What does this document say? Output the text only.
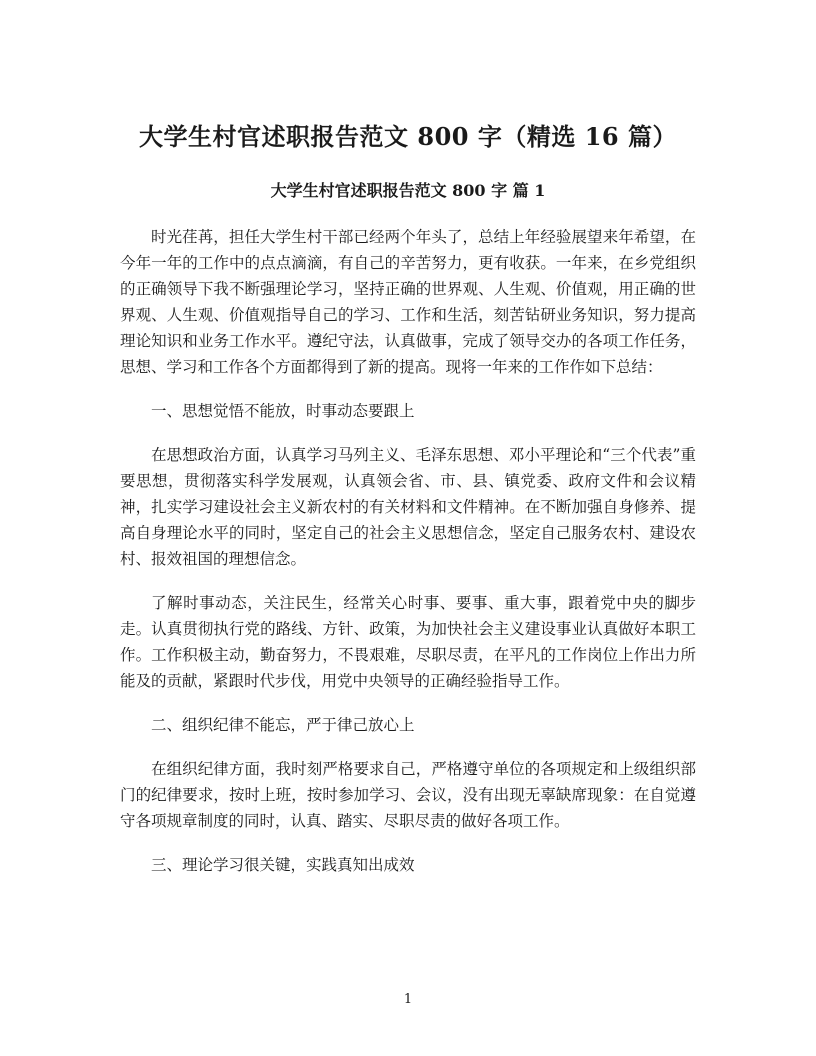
大学生村官述职报告范文 800 字（精选 16 篇）
大学生村官述职报告范文 800 字 篇 1

时光荏苒，担任大学生村干部已经两个年头了，总结上年经验展望来年希望，在今年一年的工作中的点点滴滴，有自己的辛苦努力，更有收获。一年来，在乡党组织的正确领导下我不断强理论学习，坚持正确的世界观、人生观、价值观，用正确的世界观、人生观、价值观指导自己的学习、工作和生活，刻苦钻研业务知识，努力提高理论知识和业务工作水平。遵纪守法，认真做事，完成了领导交办的各项工作任务，思想、学习和工作各个方面都得到了新的提高。现将一年来的工作作如下总结：

一、思想觉悟不能放，时事动态要跟上

在思想政治方面，认真学习马列主义、毛泽东思想、邓小平理论和“三个代表”重要思想，贯彻落实科学发展观，认真领会省、市、县、镇党委、政府文件和会议精神，扎实学习建设社会主义新农村的有关材料和文件精神。在不断加强自身修养、提高自身理论水平的同时，坚定自己的社会主义思想信念，坚定自己服务农村、建设农村、报效祖国的理想信念。

了解时事动态，关注民生，经常关心时事、要事、重大事，跟着党中央的脚步走。认真贯彻执行党的路线、方针、政策，为加快社会主义建设事业认真做好本职工作。工作积极主动，勤奋努力，不畏艰难，尽职尽责，在平凡的工作岗位上作出力所能及的贡献，紧跟时代步伐，用党中央领导的正确经验指导工作。

二、组织纪律不能忘，严于律己放心上

在组织纪律方面，我时刻严格要求自己，严格遵守单位的各项规定和上级组织部门的纪律要求，按时上班，按时参加学习、会议，没有出现无辜缺席现象：在自觉遵守各项规章制度的同时，认真、踏实、尽职尽责的做好各项工作。

三、理论学习很关键，实践真知出成效

1
